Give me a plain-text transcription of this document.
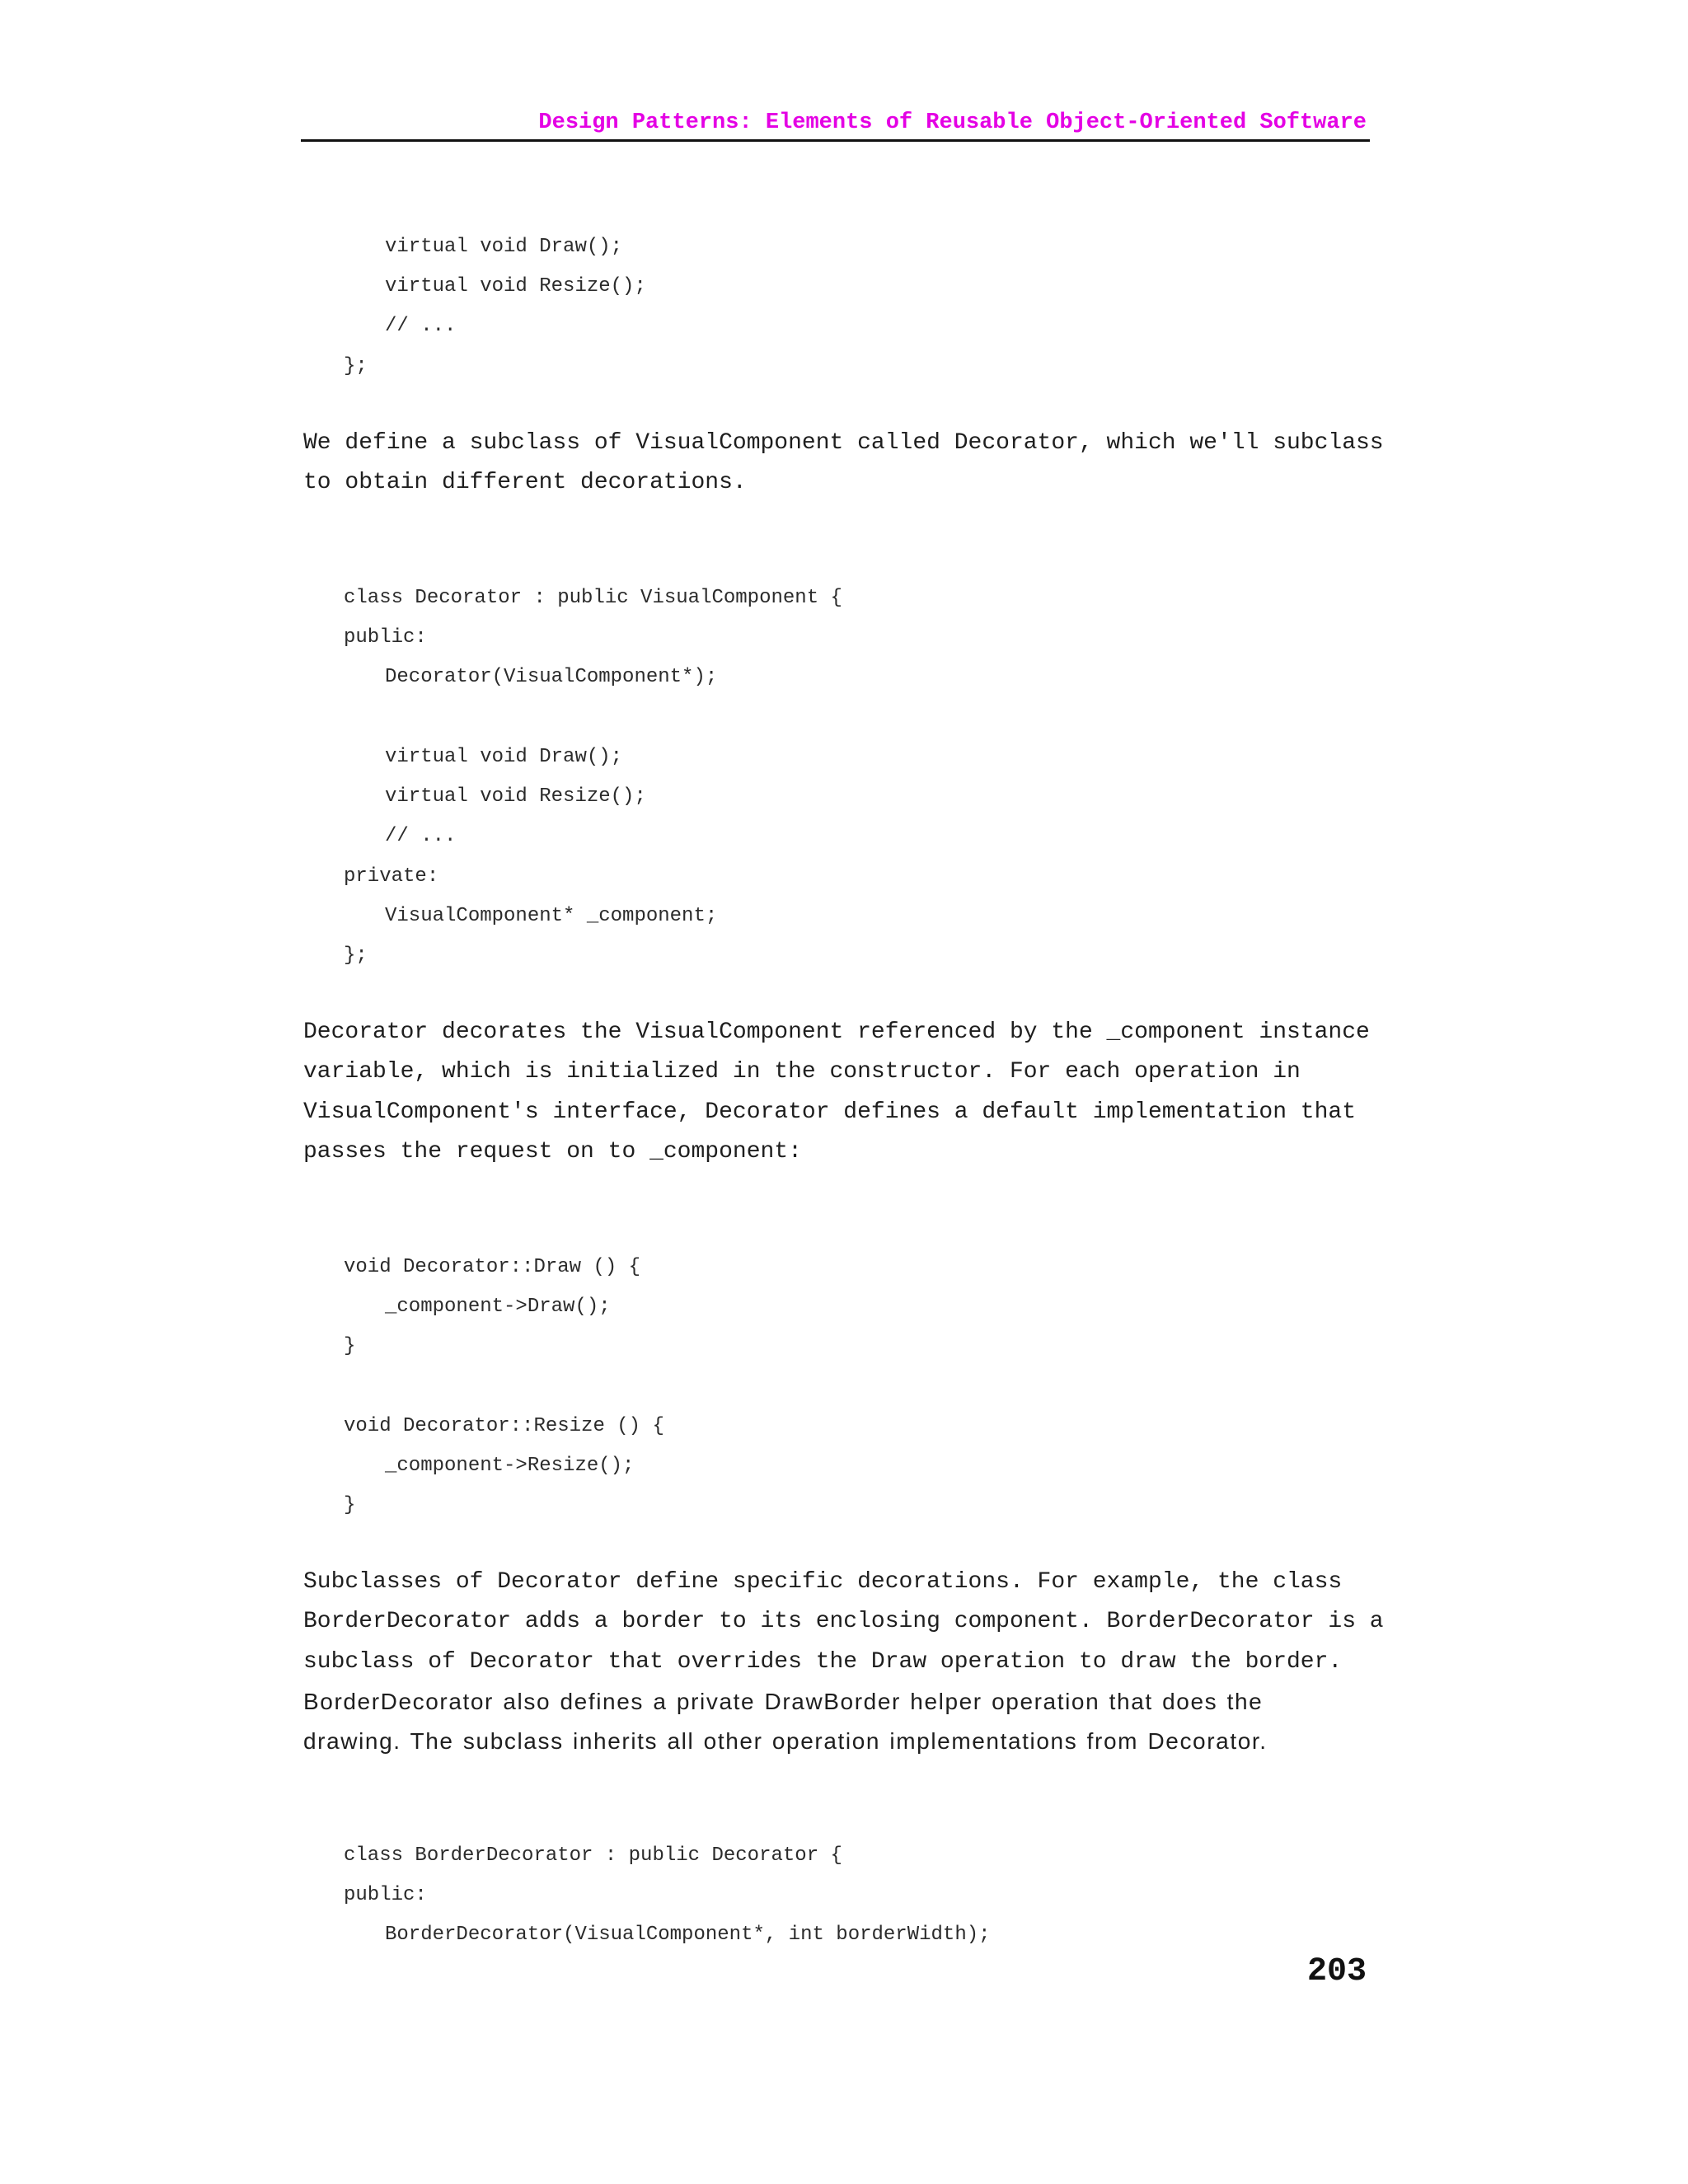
Design Patterns: Elements of Reusable Object-Oriented Software
virtual void Draw();
virtual void Resize();
// ...
};
We define a subclass of VisualComponent called Decorator, which we'll subclass
to obtain different decorations.
class Decorator : public VisualComponent {
public:
Decorator(VisualComponent*);
virtual void Draw();
virtual void Resize();
// ...
private:
VisualComponent* _component;
};
Decorator decorates the VisualComponent referenced by the _component instance
variable, which is initialized in the constructor. For each operation in
VisualComponent's interface, Decorator defines a default implementation that
passes the request on to _component:
void Decorator::Draw () {
_component->Draw();
}
void Decorator::Resize () {
_component->Resize();
}
Subclasses of Decorator define specific decorations. For example, the class
BorderDecorator adds a border to its enclosing component. BorderDecorator is a
subclass of Decorator that overrides the Draw operation to draw the border.
BorderDecorator also defines a private DrawBorder helper operation that does the
drawing. The subclass inherits all other operation implementations from Decorator.
class BorderDecorator : public Decorator {
public:
BorderDecorator(VisualComponent*, int borderWidth);
203
